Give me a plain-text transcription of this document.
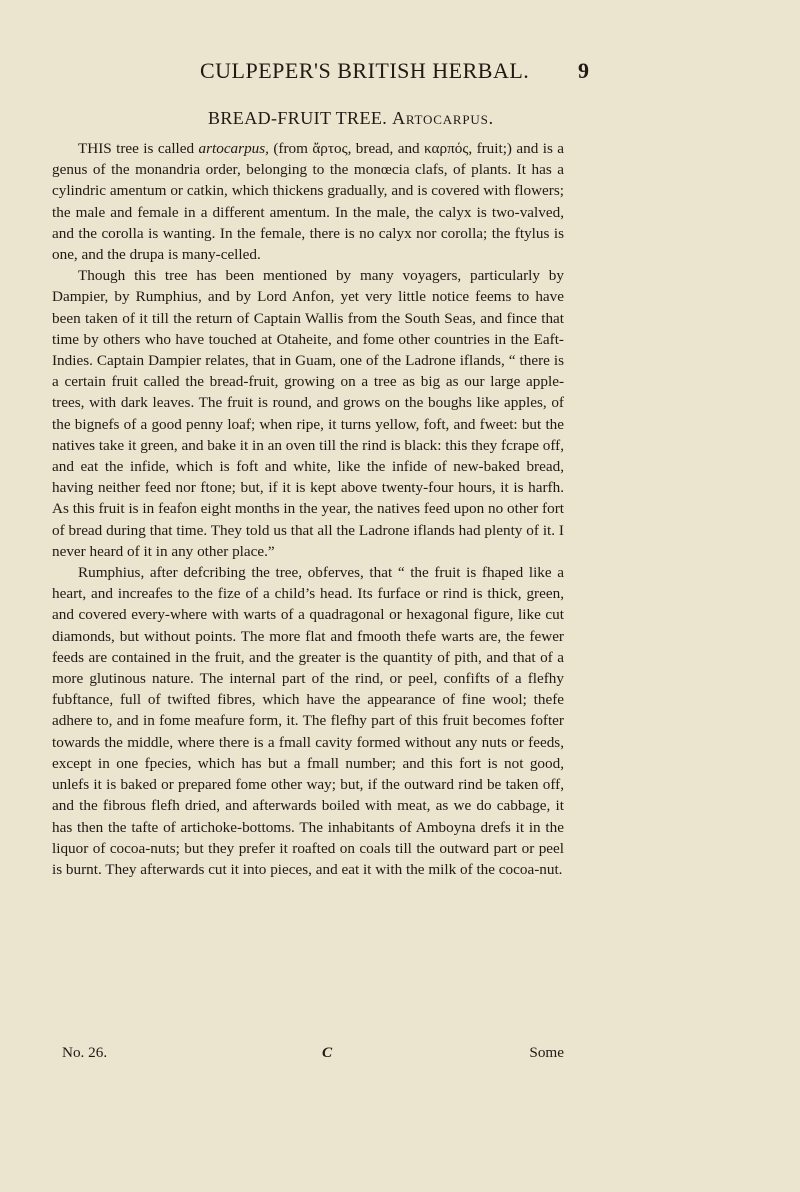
CULPEPER'S BRITISH HERBAL.	9
BREAD-FRUIT TREE. Artocarpus.

THIS tree is called artocarpus, (from ἄρτος, bread, and καρπός, fruit;) and is a genus of the monandria order, belonging to the monœcia clafs, of plants. It has a cylindric amentum or catkin, which thickens gradually, and is covered with flowers; the male and female in a different amentum. In the male, the calyx is two-valved, and the corolla is wanting. In the female, there is no calyx nor corolla; the ftylus is one, and the drupa is many-celled.

Though this tree has been mentioned by many voyagers, particularly by Dampier, by Rumphius, and by Lord Anfon, yet very little notice feems to have been taken of it till the return of Captain Wallis from the South Seas, and fince that time by others who have touched at Otaheite, and fome other countries in the Eaft-Indies. Captain Dampier relates, that in Guam, one of the Ladrone iflands, “ there is a certain fruit called the bread-fruit, growing on a tree as big as our large apple-trees, with dark leaves. The fruit is round, and grows on the boughs like apples, of the bignefs of a good penny loaf; when ripe, it turns yellow, foft, and fweet: but the natives take it green, and bake it in an oven till the rind is black: this they fcrape off, and eat the infide, which is foft and white, like the infide of new-baked bread, having neither feed nor ftone; but, if it is kept above twenty-four hours, it is harfh. As this fruit is in feafon eight months in the year, the natives feed upon no other fort of bread during that time. They told us that all the Ladrone iflands had plenty of it. I never heard of it in any other place.”

Rumphius, after defcribing the tree, obferves, that “ the fruit is fhaped like a heart, and increafes to the fize of a child’s head. Its furface or rind is thick, green, and covered every-where with warts of a quadragonal or hexagonal figure, like cut diamonds, but without points. The more flat and fmooth thefe warts are, the fewer feeds are contained in the fruit, and the greater is the quantity of pith, and that of a more glutinous nature. The internal part of the rind, or peel, confifts of a flefhy fubftance, full of twifted fibres, which have the appearance of fine wool; thefe adhere to, and in fome meafure form, it. The flefhy part of this fruit becomes fofter towards the middle, where there is a fmall cavity formed without any nuts or feeds, except in one fpecies, which has but a fmall number; and this fort is not good, unlefs it is baked or prepared fome other way; but, if the outward rind be taken off, and the fibrous flefh dried, and afterwards boiled with meat, as we do cabbage, it has then the tafte of artichoke-bottoms. The inhabitants of Amboyna drefs it in the liquor of cocoa-nuts; but they prefer it roafted on coals till the outward part or peel is burnt. They afterwards cut it into pieces, and eat it with the milk of the cocoa-nut.

No. 26.	C	Some
